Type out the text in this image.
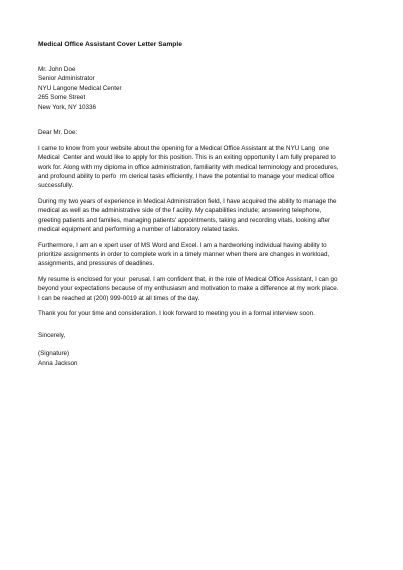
Medical Office Assistant Cover Letter Sample

Mr. John Doe

Senior Administrator

NYU Langone Medical Center

265 Some Street

New York, NY 10336

Dear Mr. Doe:
I came to know from your website about the opening for a Medical Office Assistant at the NYU Lang  one
Medical  Center and would like to apply for this position. This is an exiting opportunity I am fully prepared to
work for. Along with my diploma in office administration, familiarity with medical terminology and procedures,
and profound ability to perfo  rm clerical tasks efficiently, I have the potential to manage your medical office
successfully.
During my two years of experience in Medical Administration field, I have acquired the ability to manage the
medical as well as the administrative side of the f acility. My capabilities include; answering telephone,
greeting patients and families, managing patients' appointments, taking and recording vitals, looking after
medical equipment and performing a number of laboratory related tasks.
Furthermore, I am an e xpert user of MS Word and Excel. I am a hardworking individual having ability to
prioritize assignments in order to complete work in a timely manner when there are changes in workload,
assignments, and pressures of deadlines.
My resume is enclosed for your  perusal. I am confident that, in the role of Medical Office Assistant, I can go
beyond your expectations because of my enthusiasm and motivation to make a difference at my work place.
I can be reached at (200) 999-0019 at all times of the day.
Thank you for your time and consideration. I look forward to meeting you in a formal interview soon.

Sincerely,

(Signature)

Anna Jackson
